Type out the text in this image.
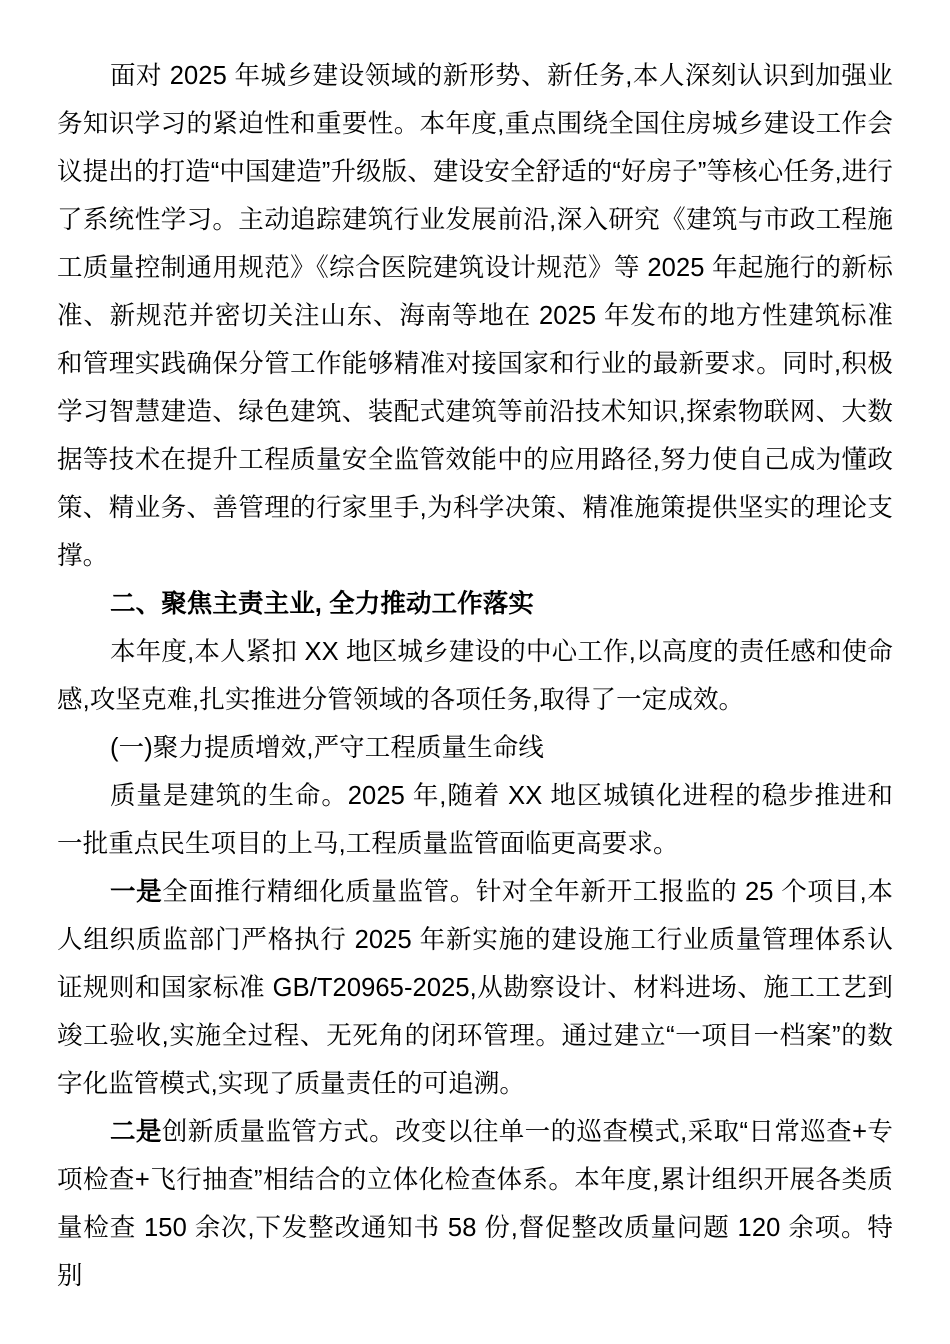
面对 2025 年城乡建设领域的新形势、新任务,本人深刻认识到加强业务知识学习的紧迫性和重要性。本年度,重点围绕全国住房城乡建设工作会议提出的打造“中国建造”升级版、建设安全舒适的“好房子”等核心任务,进行了系统性学习。主动追踪建筑行业发展前沿,深入研究《建筑与市政工程施工质量控制通用规范》《综合医院建筑设计规范》等 2025 年起施行的新标准、新规范并密切关注山东、海南等地在 2025 年发布的地方性建筑标准和管理实践确保分管工作能够精准对接国家和行业的最新要求。同时,积极学习智慧建造、绿色建筑、装配式建筑等前沿技术知识,探索物联网、大数据等技术在提升工程质量安全监管效能中的应用路径,努力使自己成为懂政策、精业务、善管理的行家里手,为科学决策、精准施策提供坚实的理论支撑。

二、聚焦主责主业, 全力推动工作落实

本年度,本人紧扣 XX 地区城乡建设的中心工作,以高度的责任感和使命感,攻坚克难,扎实推进分管领域的各项任务,取得了一定成效。

(一)聚力提质增效,严守工程质量生命线

质量是建筑的生命。2025 年,随着 XX 地区城镇化进程的稳步推进和一批重点民生项目的上马,工程质量监管面临更高要求。

一是全面推行精细化质量监管。针对全年新开工报监的 25 个项目,本人组织质监部门严格执行 2025 年新实施的建设施工行业质量管理体系认证规则和国家标准 GB/T20965-2025,从勘察设计、材料进场、施工工艺到竣工验收,实施全过程、无死角的闭环管理。通过建立“一项目一档案”的数字化监管模式,实现了质量责任的可追溯。

二是创新质量监管方式。改变以往单一的巡查模式,采取“日常巡查+专项检查+飞行抽查”相结合的立体化检查体系。本年度,累计组织开展各类质量检查 150 余次,下发整改通知书 58 份,督促整改质量问题 120 余项。特别
